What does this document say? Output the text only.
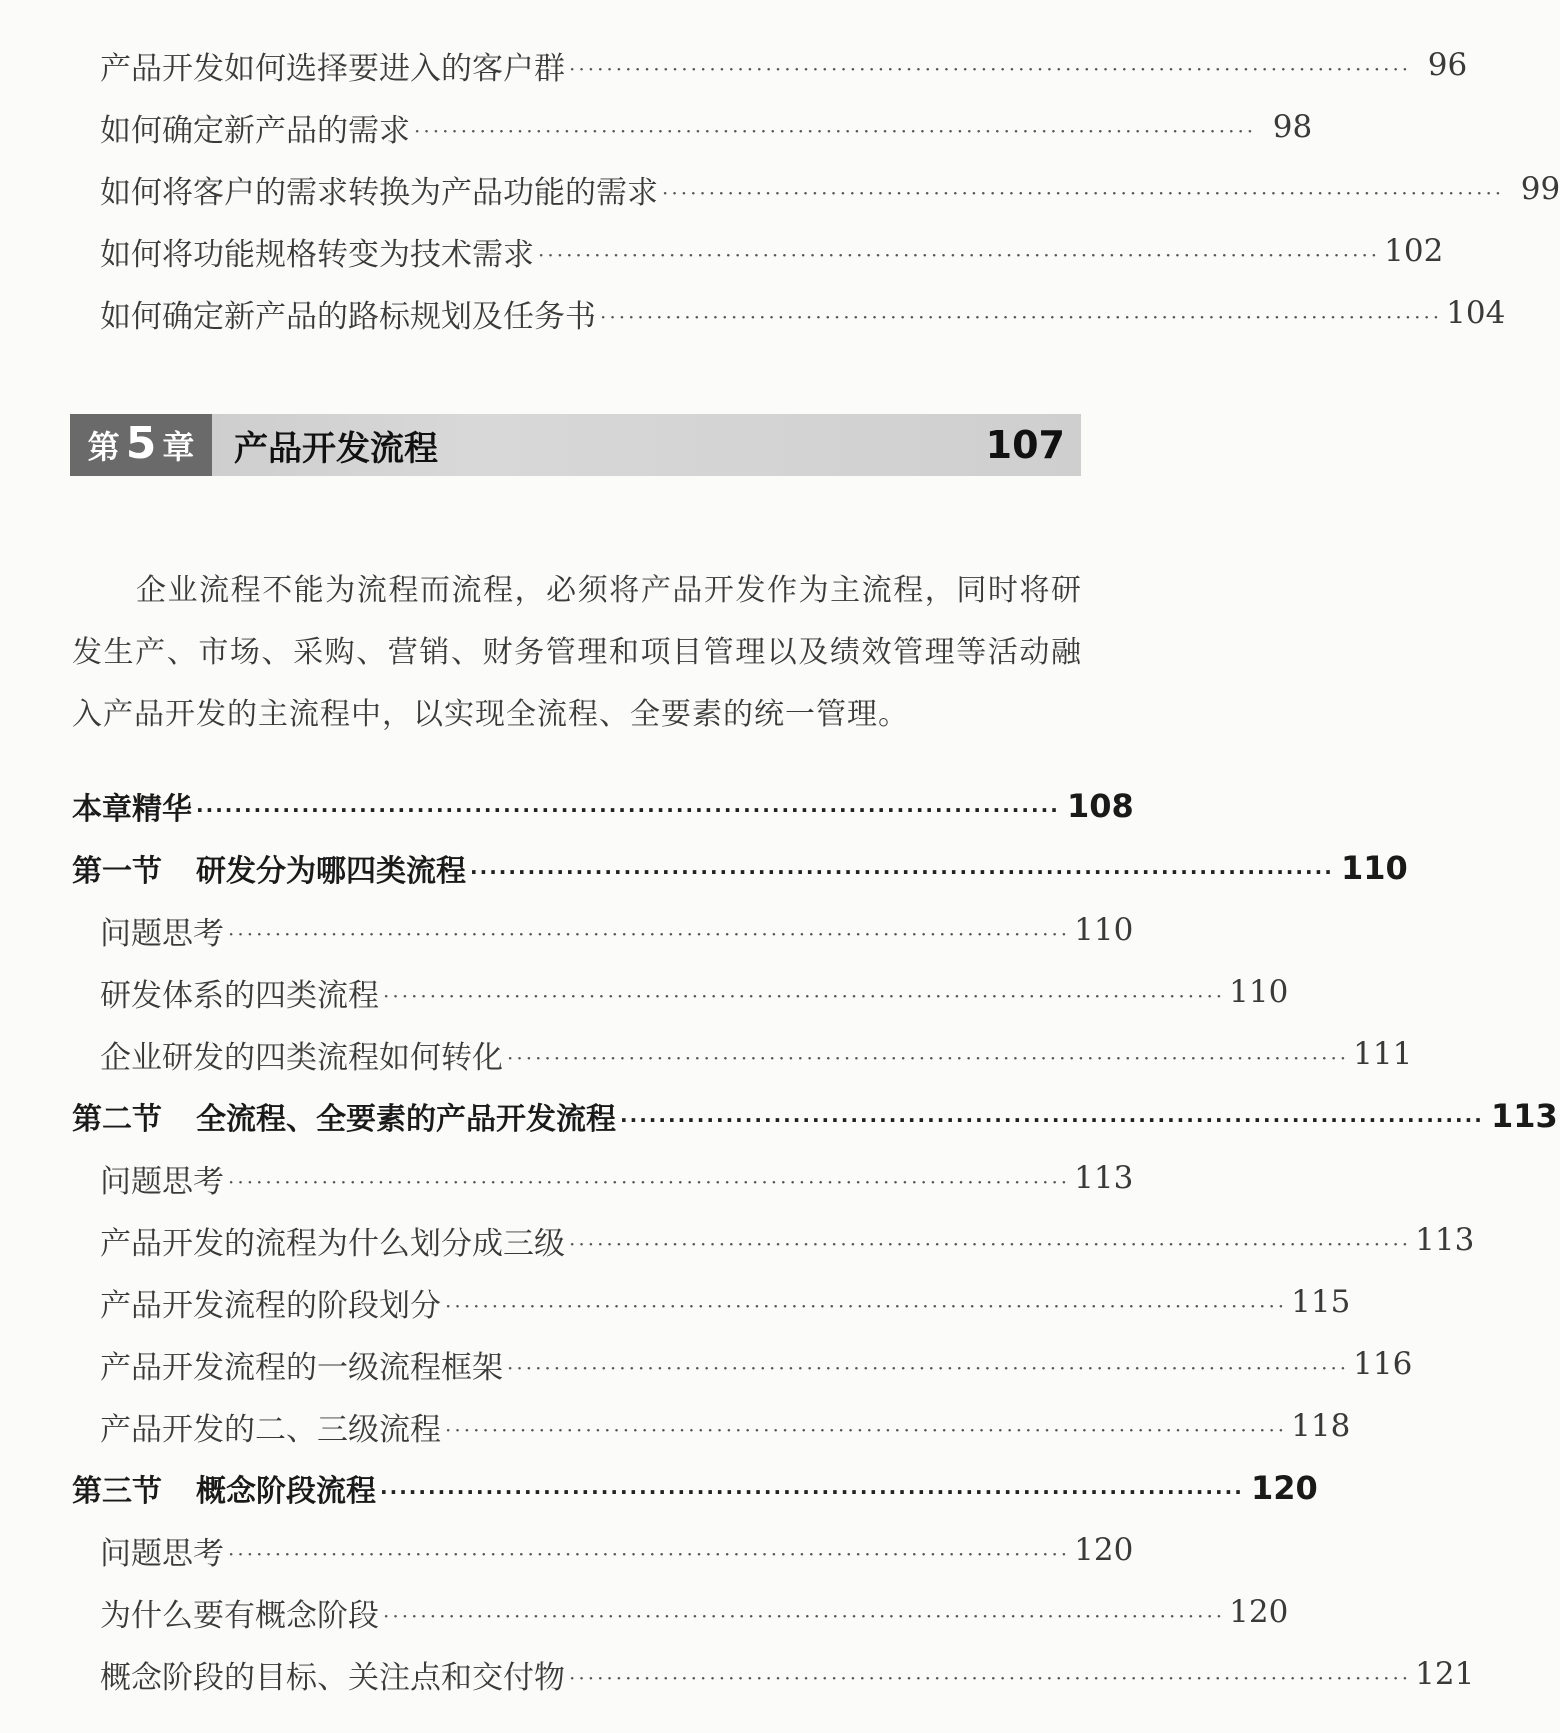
产品开发如何选择要进入的客户群 ·························································································· 96
如何确定新产品的需求 ·························································································· 98
如何将客户的需求转换为产品功能的需求 ·························································································· 99
如何将功能规格转变为技术需求 ·························································································· 102
如何确定新产品的路标规划及任务书 ·························································································· 104
第 5 章 产品开发流程	107

企业流程不能为流程而流程，必须将产品开发作为主流程，同时将研发生产、市场、采购、营销、财务管理和项目管理以及绩效管理等活动融入产品开发的主流程中，以实现全流程、全要素的统一管理。

本章精华 ·························································································· 108
第一节 研发分为哪四类流程 ·························································································· 110
问题思考 ·························································································· 110
研发体系的四类流程 ·························································································· 110
企业研发的四类流程如何转化 ·························································································· 111
第二节 全流程、全要素的产品开发流程 ·························································································· 113
问题思考 ·························································································· 113
产品开发的流程为什么划分成三级 ·························································································· 113
产品开发流程的阶段划分 ·························································································· 115
产品开发流程的一级流程框架 ·························································································· 116
产品开发的二、三级流程 ·························································································· 118
第三节 概念阶段流程 ·························································································· 120
问题思考 ·························································································· 120
为什么要有概念阶段 ·························································································· 120
概念阶段的目标、关注点和交付物 ·························································································· 121
